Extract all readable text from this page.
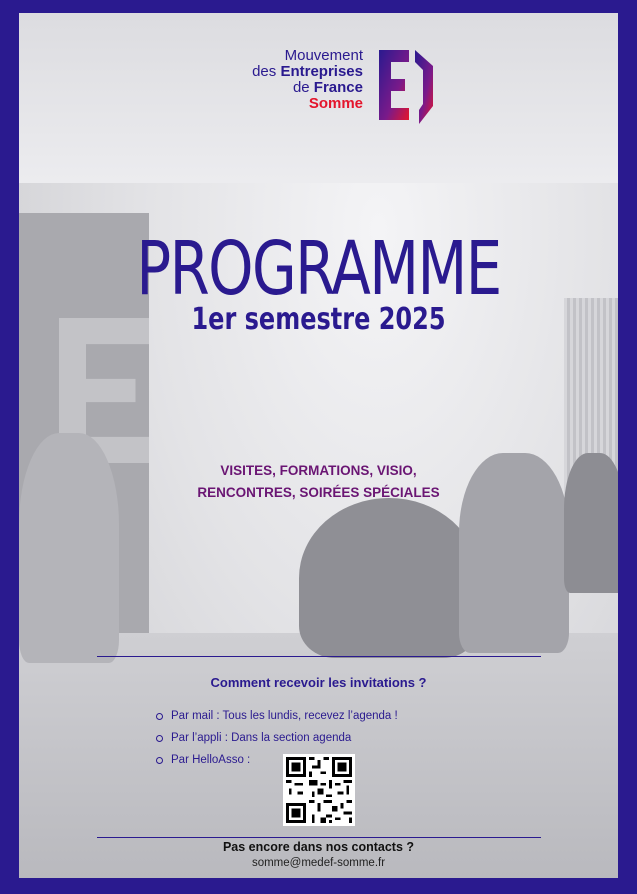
Mouvement
des Entreprises
de France
Somme
PROGRAMME
1er semestre 2025
VISITES, FORMATIONS, VISIO,
RENCONTRES, SOIRÉES SPÉCIALES
Comment recevoir les invitations ?
Par mail : Tous les lundis, recevez l’agenda !
Par l’appli : Dans la section agenda
Par HelloAsso :
Pas encore dans nos contacts ?
somme@medef-somme.fr
